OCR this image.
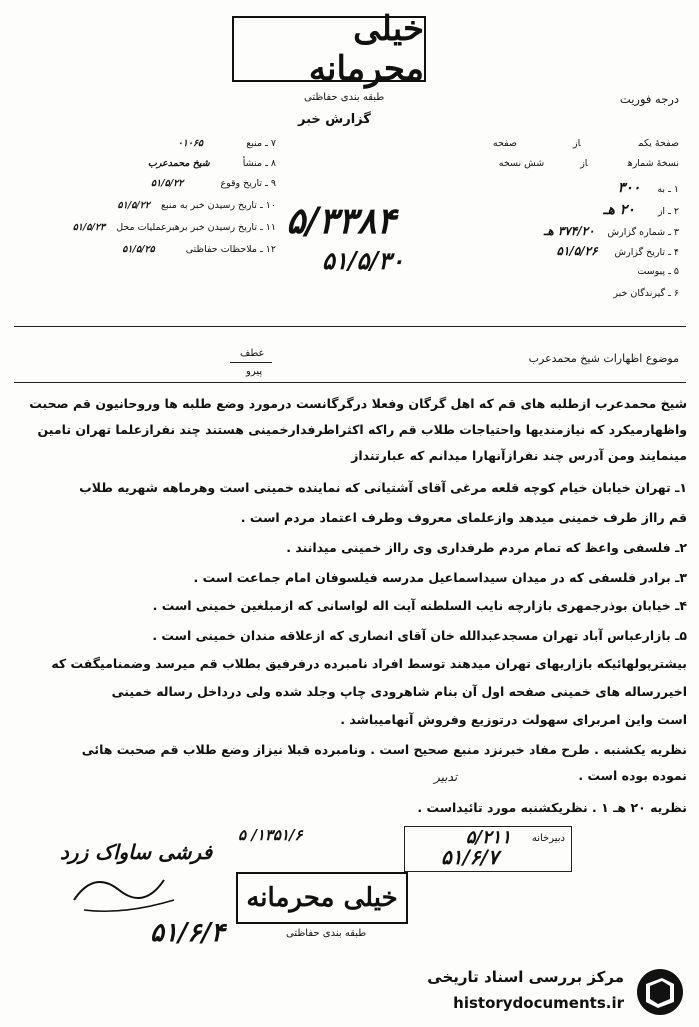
خیلی محرمانه
طبقه بندی حفاظتی	درجه فوریت
گزارش خبر
۷ ـ منبع ۰۱۰۶۵
۸ ـ منشأ شیخ محمدعرب
۹ ـ تاریخ وقوع ۵۱/۵/۲۲
۱۰ ـ تاریخ رسیدن خبر به منبع ۵۱/۵/۲۲
۱۱ ـ تاریخ رسیدن خبر برهبرعملیات محل ۵۱/۵/۲۳
۱۲ ـ ملاحظات حفاظتی ۵۱/۵/۲۵
۵/۳۳۸۴
۵۱/۵/۳۰
صفحهٔ یکمازصفحه
نسخهٔ شمارهازشش نسخه
۱ ـ به ۳۰۰
۲ ـ از ۲۰ هـ
۳ ـ شماره گزارش ۳۷۴/۲۰ هـ
۴ ـ تاریخ گزارش ۵۱/۵/۲۶
۵ ـ پیوست
۶ ـ گیرندگان خبر
عطف
پیرو
موضوع اظهارات شیخ محمدعرب
شیخ محمدعرب ازطلبه های قم که اهل گرگان وفعلا درگرگانست درمورد وضع طلبه ها وروحانیون قم صحبت
واظهارمیکرد که نیازمندیها واحتیاجات طلاب قم راکه اکثراطرفدارخمینی هستند چند نفرازعلما تهران تامین
مینمایند ومن آدرس چند نفرازآنهارا میدانم که عبارتنداز
۱ـ تهران خیابان خیام کوچه قلعه مرغی آقای آشتیانی که نماینده خمینی است وهرماهه شهریه طلاب
قم رااز طرف خمینی میدهد وازعلمای معروف وطرف اعتماد مردم است .
۲ـ فلسفی واعظ که تمام مردم طرفداری وی رااز خمینی میدانند .
۳ـ برادر فلسفی که در میدان سیداسماعیل مدرسه فیلسوفان امام جماعت است .
۴ـ خیابان بوذرجمهری بازارچه نایب السلطنه آیت اله لواسانی که ازمبلغین خمینی است .
۵ـ بازارعباس آباد تهران مسجدعبدالله خان آقای انصاری که ازعلاقه مندان خمینی است .
بیشترپولهائیکه بازاریهای تهران میدهند توسط افراد نامبرده درفرفیق بطلاب قم میرسد وضمنامیگفت که
اخیررساله های خمینی صفحه اول آن بنام شاهرودی چاپ وجلد شده ولی درداخل رساله خمینی
است واین امربرای سهولت درتوزیع وفروش آنهامیباشد .
نظریه یکشنبه . طرح مفاد خبرنزد منبع صحیح است . ونامبرده قبلا نیزاز وضع طلاب قم صحبت هائی
نموده بوده است .
نظریه ۲۰ هـ ۱ . نظریکشنبه مورد تائیداست .
تدبیر
۱۳۵۱/۶/ ۵	دبیرخانه
۵/۲۱۱
۵۱/۶/۷
خیلی محرمانه
طبقه بندی حفاظتی
فرشی ساواک زرد
۵۱/۶/۴
مرکز بررسی اسناد تاریخی
historydocuments.ir
